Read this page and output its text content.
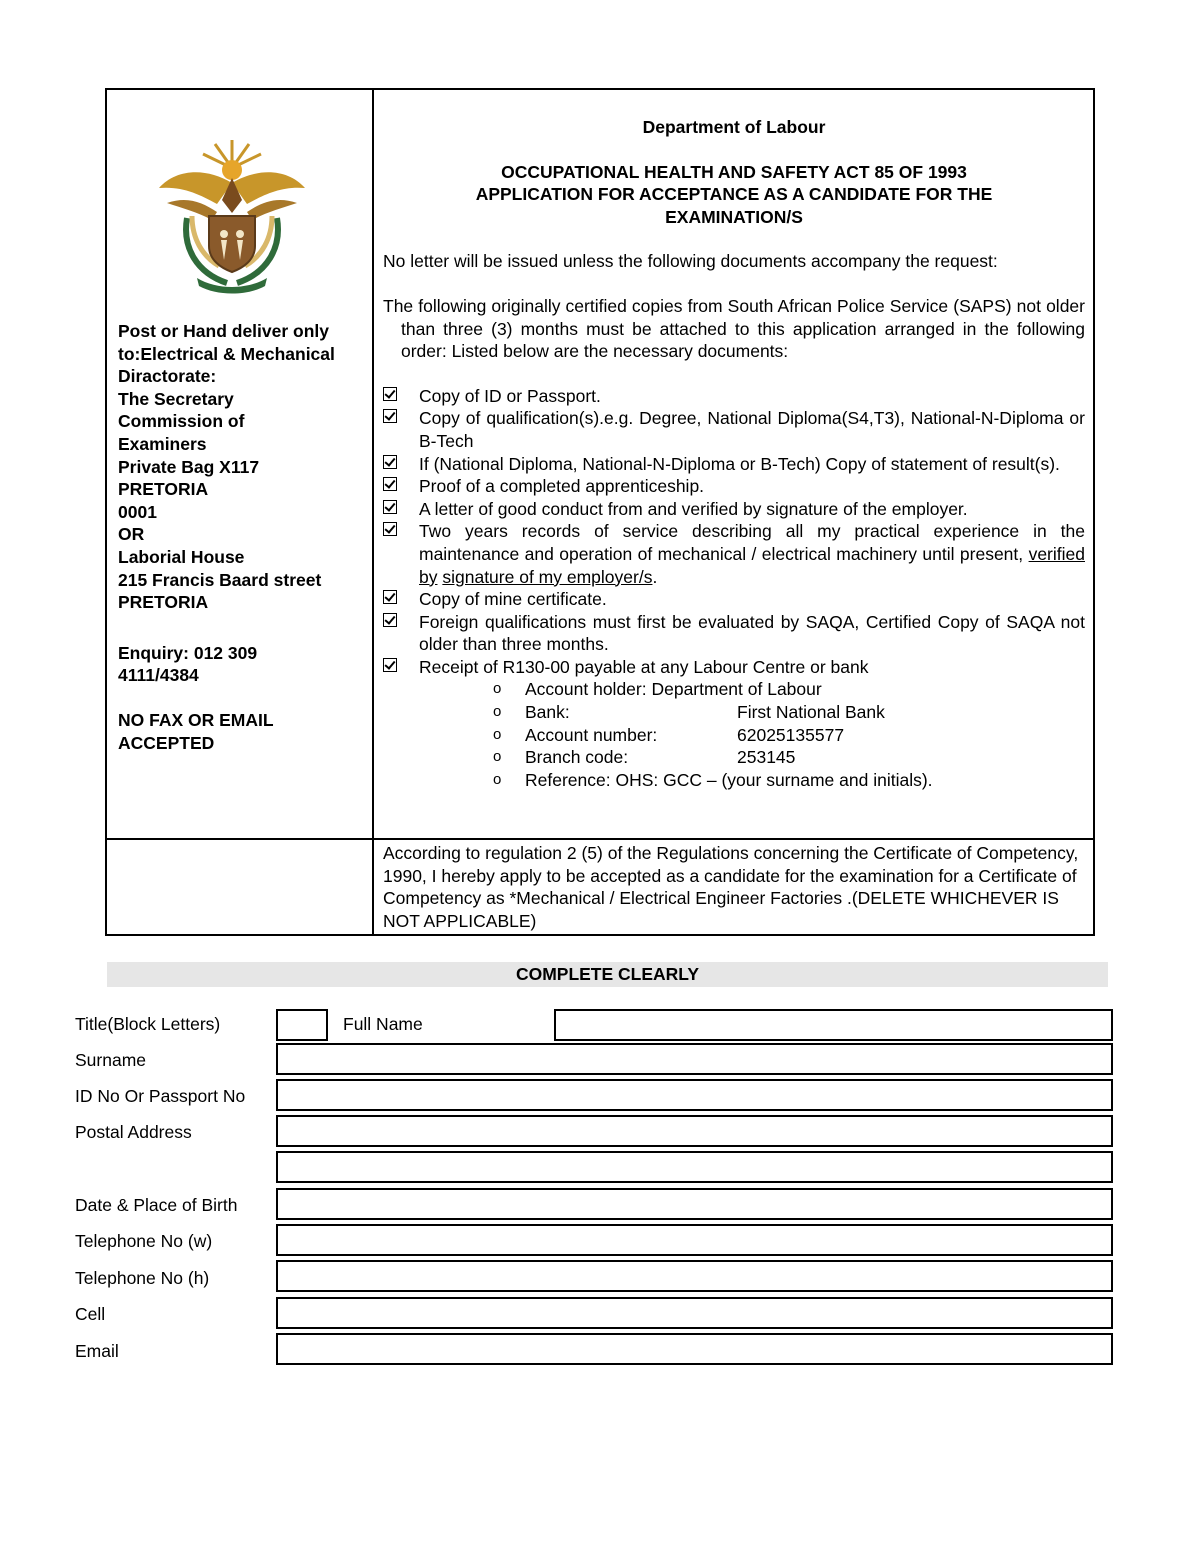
Post or Hand deliver only
to:Electrical & Mechanical
Diractorate:
The Secretary
Commission of
Examiners
Private Bag X117
PRETORIA
0001
OR
Laborial House
215 Francis Baard street
PRETORIA
Enquiry: 012 309
4111/4384
NO FAX OR EMAIL
ACCEPTED
Department of Labour
OCCUPATIONAL HEALTH AND SAFETY ACT 85 OF 1993
APPLICATION FOR ACCEPTANCE AS A CANDIDATE FOR THE
EXAMINATION/S
No letter will be issued unless the following documents accompany the request:
The following originally certified copies from South African Police Service (SAPS) not older than three (3) months must be attached to this application arranged in the following order: Listed below are the necessary documents:
Copy of ID or Passport.
Copy of qualification(s).e.g. Degree, National Diploma(S4,T3), National-N-Diploma or B-Tech
If (National Diploma, National-N-Diploma or B-Tech) Copy of statement of result(s).
Proof of a completed apprenticeship.
A letter of good conduct from and verified by signature of the employer.
Two years records of service describing all my practical experience in the maintenance and operation of mechanical / electrical machinery until present, verified by signature of my employer/s.
Copy of mine certificate.
Foreign qualifications must first be evaluated by SAQA, Certified Copy of SAQA not older than three months.
Receipt of R130-00 payable at any Labour Centre or bank
o Account holder: Department of Labour
o Bank:	First National Bank
o Account number:	62025135577
o Branch code:	253145
o Reference: OHS: GCC – (your surname and initials).
According to regulation 2 (5) of the Regulations concerning the Certificate of Competency, 1990, I hereby apply to be accepted as a candidate for the examination for a Certificate of Competency as *Mechanical / Electrical Engineer Factories .(DELETE WHICHEVER IS NOT APPLICABLE)
COMPLETE CLEARLY
Title(Block Letters)	Full Name
Surname
ID No Or Passport No
Postal Address
Date & Place of Birth
Telephone No (w)
Telephone No (h)
Cell
Email
